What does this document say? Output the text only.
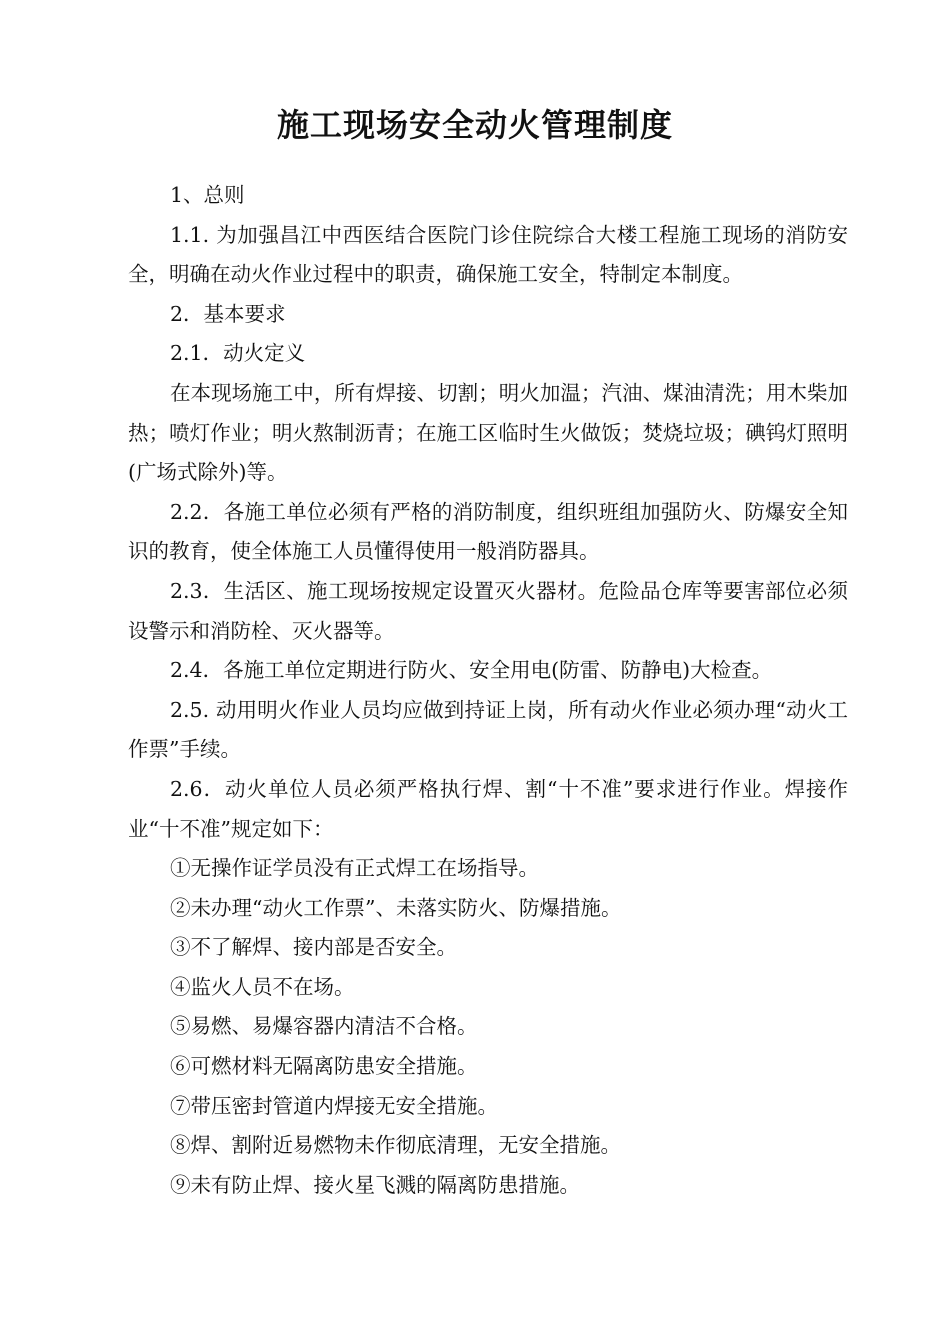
施工现场安全动火管理制度

1、总则

1.1. 为加强昌江中西医结合医院门诊住院综合大楼工程施工现场的消防安全，明确在动火作业过程中的职责，确保施工安全，特制定本制度。

2．基本要求

2.1．动火定义

在本现场施工中，所有焊接、切割；明火加温；汽油、煤油清洗；用木柴加热；喷灯作业；明火熬制沥青；在施工区临时生火做饭；焚烧垃圾；碘钨灯照明(广场式除外)等。

2.2．各施工单位必须有严格的消防制度，组织班组加强防火、防爆安全知识的教育，使全体施工人员懂得使用一般消防器具。

2.3．生活区、施工现场按规定设置灭火器材。危险品仓库等要害部位必须设警示和消防栓、灭火器等。

2.4．各施工单位定期进行防火、安全用电(防雷、防静电)大检查。

2.5. 动用明火作业人员均应做到持证上岗，所有动火作业必须办理“动火工作票”手续。

2.6．动火单位人员必须严格执行焊、割“十不准”要求进行作业。焊接作业“十不准”规定如下：

①无操作证学员没有正式焊工在场指导。

②未办理“动火工作票”、未落实防火、防爆措施。

③不了解焊、接内部是否安全。

④监火人员不在场。

⑤易燃、易爆容器内清洁不合格。

⑥可燃材料无隔离防患安全措施。

⑦带压密封管道内焊接无安全措施。

⑧焊、割附近易燃物未作彻底清理，无安全措施。

⑨未有防止焊、接火星飞溅的隔离防患措施。
